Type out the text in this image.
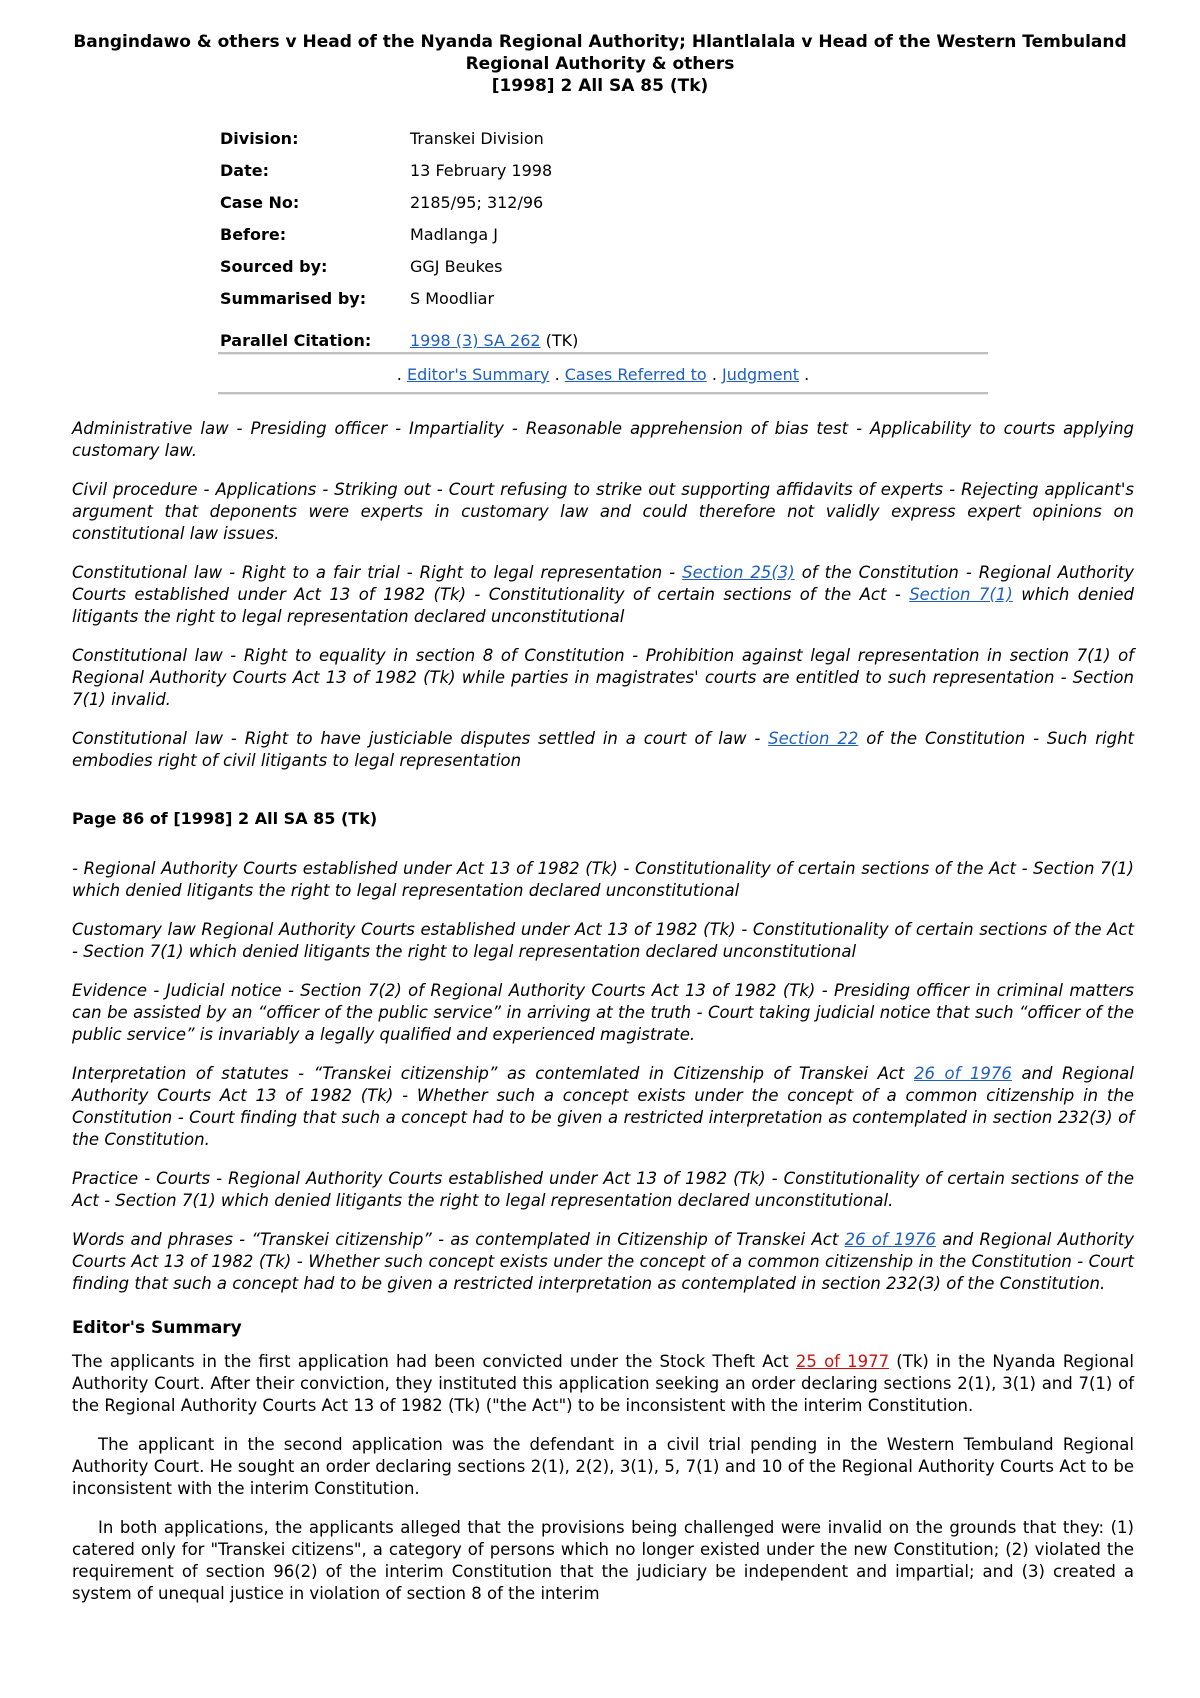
Bangindawo & others v Head of the Nyanda Regional Authority; Hlantlalala v Head of the Western Tembuland
Regional Authority & others
[1998] 2 All SA 85 (Tk)
Division:	Transkei Division
Date:	13 February 1998
Case No:	2185/95; 312/96
Before:	Madlanga J
Sourced by:	GGJ Beukes
Summarised by:	S Moodliar
Parallel Citation: 1998 (3) SA 262 (TK)
. Editor's Summary . Cases Referred to . Judgment .

Administrative law - Presiding officer - Impartiality - Reasonable apprehension of bias test - Applicability to courts applying customary law.

Civil procedure - Applications - Striking out - Court refusing to strike out supporting affidavits of experts - Rejecting applicant's argument that deponents were experts in customary law and could therefore not validly express expert opinions on constitutional law issues.

Constitutional law - Right to a fair trial - Right to legal representation - Section 25(3) of the Constitution - Regional Authority Courts established under Act 13 of 1982 (Tk) - Constitutionality of certain sections of the Act - Section 7(1) which denied litigants the right to legal representation declared unconstitutional

Constitutional law - Right to equality in section 8 of Constitution - Prohibition against legal representation in section 7(1) of Regional Authority Courts Act 13 of 1982 (Tk) while parties in magistrates' courts are entitled to such representation - Section 7(1) invalid.

Constitutional law - Right to have justiciable disputes settled in a court of law - Section 22 of the Constitution - Such right embodies right of civil litigants to legal representation

Page 86 of [1998] 2 All SA 85 (Tk)

- Regional Authority Courts established under Act 13 of 1982 (Tk) - Constitutionality of certain sections of the Act - Section 7(1) which denied litigants the right to legal representation declared unconstitutional

Customary law Regional Authority Courts established under Act 13 of 1982 (Tk) - Constitutionality of certain sections of the Act - Section 7(1) which denied litigants the right to legal representation declared unconstitutional

Evidence - Judicial notice - Section 7(2) of Regional Authority Courts Act 13 of 1982 (Tk) - Presiding officer in criminal matters can be assisted by an “officer of the public service” in arriving at the truth - Court taking judicial notice that such “officer of the public service” is invariably a legally qualified and experienced magistrate.

Interpretation of statutes - “Transkei citizenship” as contemlated in Citizenship of Transkei Act 26 of 1976 and Regional Authority Courts Act 13 of 1982 (Tk) - Whether such a concept exists under the concept of a common citizenship in the Constitution - Court finding that such a concept had to be given a restricted interpretation as contemplated in section 232(3) of the Constitution.

Practice - Courts - Regional Authority Courts established under Act 13 of 1982 (Tk) - Constitutionality of certain sections of the Act - Section 7(1) which denied litigants the right to legal representation declared unconstitutional.

Words and phrases - “Transkei citizenship” - as contemplated in Citizenship of Transkei Act 26 of 1976 and Regional Authority Courts Act 13 of 1982 (Tk) - Whether such concept exists under the concept of a common citizenship in the Constitution - Court finding that such a concept had to be given a restricted interpretation as contemplated in section 232(3) of the Constitution.

Editor's Summary

The applicants in the first application had been convicted under the Stock Theft Act 25 of 1977 (Tk) in the Nyanda Regional Authority Court. After their conviction, they instituted this application seeking an order declaring sections 2(1), 3(1) and 7(1) of the Regional Authority Courts Act 13 of 1982 (Tk) ("the Act") to be inconsistent with the interim Constitution.

The applicant in the second application was the defendant in a civil trial pending in the Western Tembuland Regional Authority Court. He sought an order declaring sections 2(1), 2(2), 3(1), 5, 7(1) and 10 of the Regional Authority Courts Act to be inconsistent with the interim Constitution.

In both applications, the applicants alleged that the provisions being challenged were invalid on the grounds that they: (1) catered only for "Transkei citizens", a category of persons which no longer existed under the new Constitution; (2) violated the requirement of section 96(2) of the interim Constitution that the judiciary be independent and impartial; and (3) created a system of unequal justice in violation of section 8 of the interim
